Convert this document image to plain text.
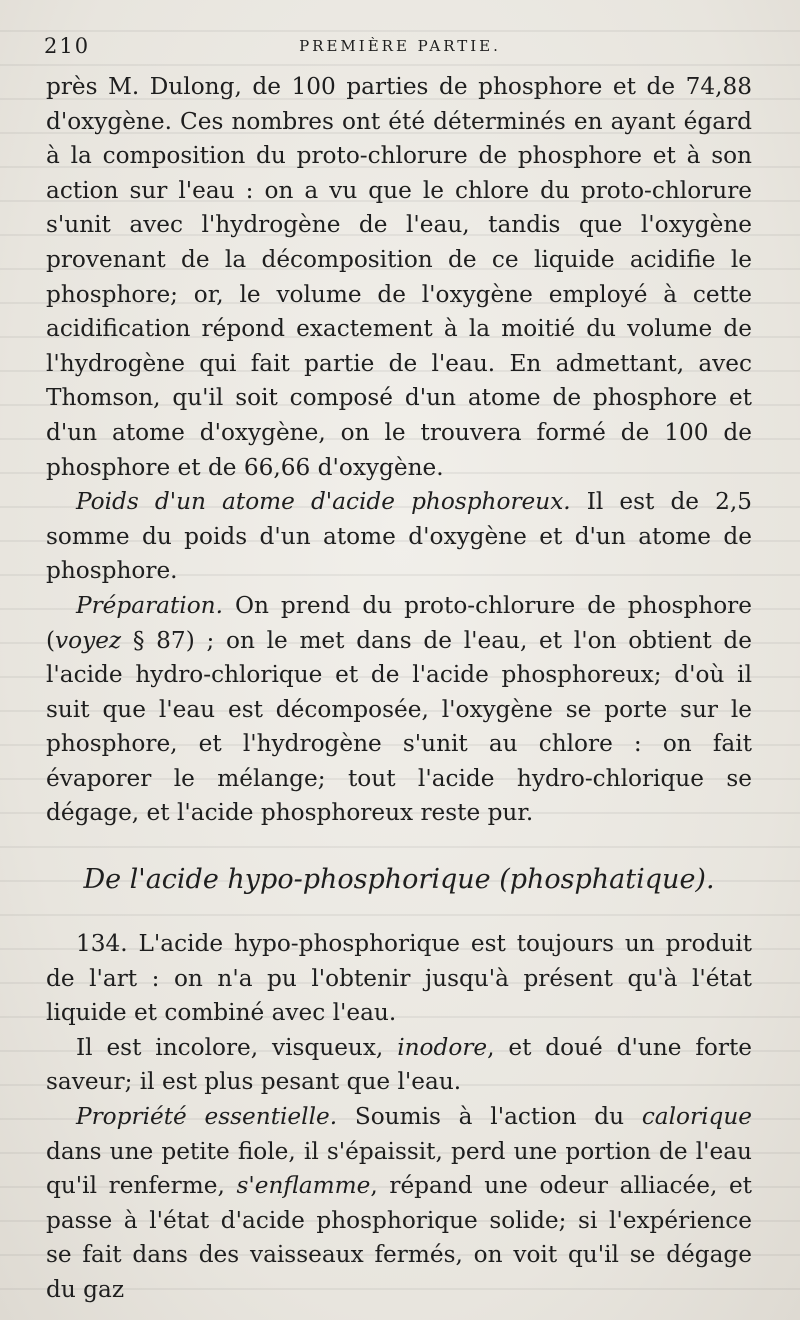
210	PREMIÈRE PARTIE.

près M. Dulong, de 100 parties de phosphore et de 74,88 d'oxygène. Ces nombres ont été déterminés en ayant égard à la composition du proto-chlorure de phosphore et à son action sur l'eau : on a vu que le chlore du proto-chlorure s'unit avec l'hydrogène de l'eau, tandis que l'oxygène provenant de la décomposition de ce liquide acidifie le phosphore; or, le volume de l'oxygène employé à cette acidification répond exactement à la moitié du volume de l'hydrogène qui fait partie de l'eau. En admettant, avec Thomson, qu'il soit composé d'un atome de phosphore et d'un atome d'oxygène, on le trouvera formé de 100 de phosphore et de 66,66 d'oxygène.

Poids d'un atome d'acide phosphoreux. Il est de 2,5 somme du poids d'un atome d'oxygène et d'un atome de phosphore.

Préparation. On prend du proto-chlorure de phosphore (voyez § 87) ; on le met dans de l'eau, et l'on obtient de l'acide hydro-chlorique et de l'acide phosphoreux; d'où il suit que l'eau est décomposée, l'oxygène se porte sur le phosphore, et l'hydrogène s'unit au chlore : on fait évaporer le mélange; tout l'acide hydro-chlorique se dégage, et l'acide phosphoreux reste pur.

De l'acide hypo-phosphorique (phosphatique).

134. L'acide hypo-phosphorique est toujours un produit de l'art : on n'a pu l'obtenir jusqu'à présent qu'à l'état liquide et combiné avec l'eau.

Il est incolore, visqueux, inodore, et doué d'une forte saveur; il est plus pesant que l'eau.

Propriété essentielle. Soumis à l'action du calorique dans une petite fiole, il s'épaissit, perd une portion de l'eau qu'il renferme, s'enflamme, répand une odeur alliacée, et passe à l'état d'acide phosphorique solide; si l'expérience se fait dans des vaisseaux fermés, on voit qu'il se dégage du gaz
